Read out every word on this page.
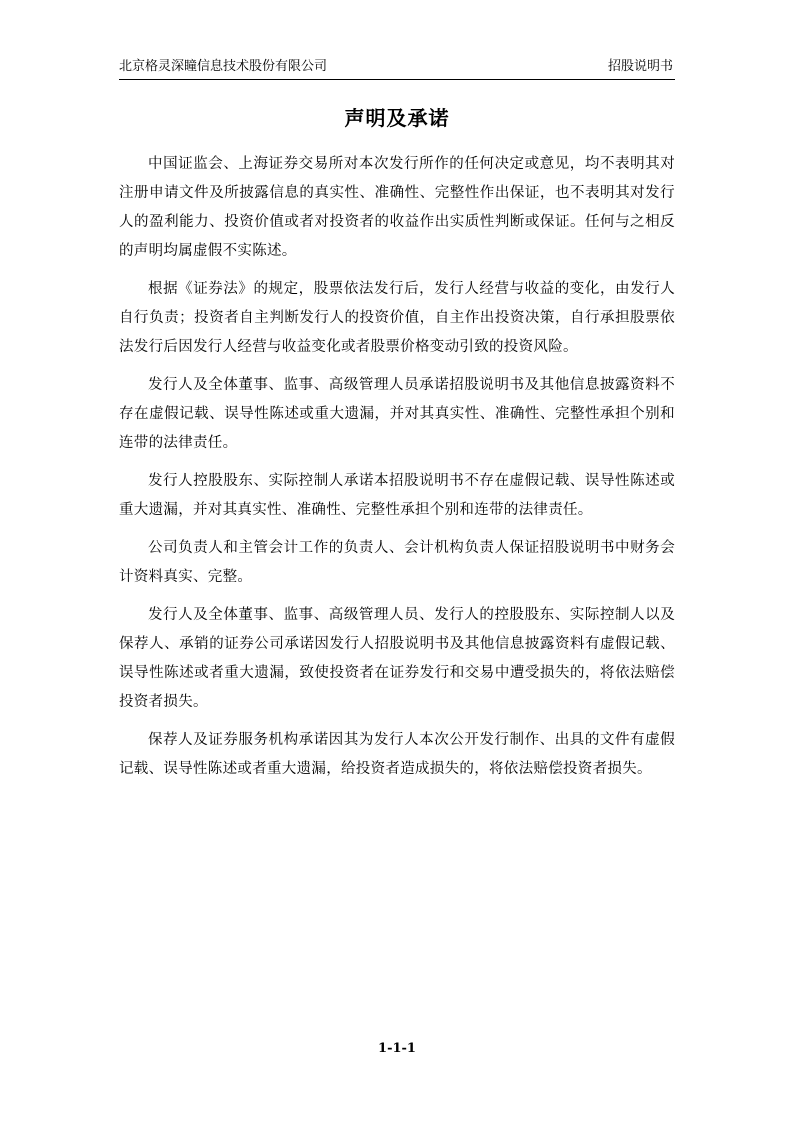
北京格灵深瞳信息技术股份有限公司	招股说明书
声明及承诺

中国证监会、上海证券交易所对本次发行所作的任何决定或意见，均不表明其对注册申请文件及所披露信息的真实性、准确性、完整性作出保证，也不表明其对发行人的盈利能力、投资价值或者对投资者的收益作出实质性判断或保证。任何与之相反的声明均属虚假不实陈述。

根据《证券法》的规定，股票依法发行后，发行人经营与收益的变化，由发行人自行负责；投资者自主判断发行人的投资价值，自主作出投资决策，自行承担股票依法发行后因发行人经营与收益变化或者股票价格变动引致的投资风险。

发行人及全体董事、监事、高级管理人员承诺招股说明书及其他信息披露资料不存在虚假记载、误导性陈述或重大遗漏，并对其真实性、准确性、完整性承担个别和连带的法律责任。

发行人控股股东、实际控制人承诺本招股说明书不存在虚假记载、误导性陈述或重大遗漏，并对其真实性、准确性、完整性承担个别和连带的法律责任。

公司负责人和主管会计工作的负责人、会计机构负责人保证招股说明书中财务会计资料真实、完整。

发行人及全体董事、监事、高级管理人员、发行人的控股股东、实际控制人以及保荐人、承销的证券公司承诺因发行人招股说明书及其他信息披露资料有虚假记载、误导性陈述或者重大遗漏，致使投资者在证券发行和交易中遭受损失的，将依法赔偿投资者损失。

保荐人及证券服务机构承诺因其为发行人本次公开发行制作、出具的文件有虚假记载、误导性陈述或者重大遗漏，给投资者造成损失的，将依法赔偿投资者损失。

1-1-1
